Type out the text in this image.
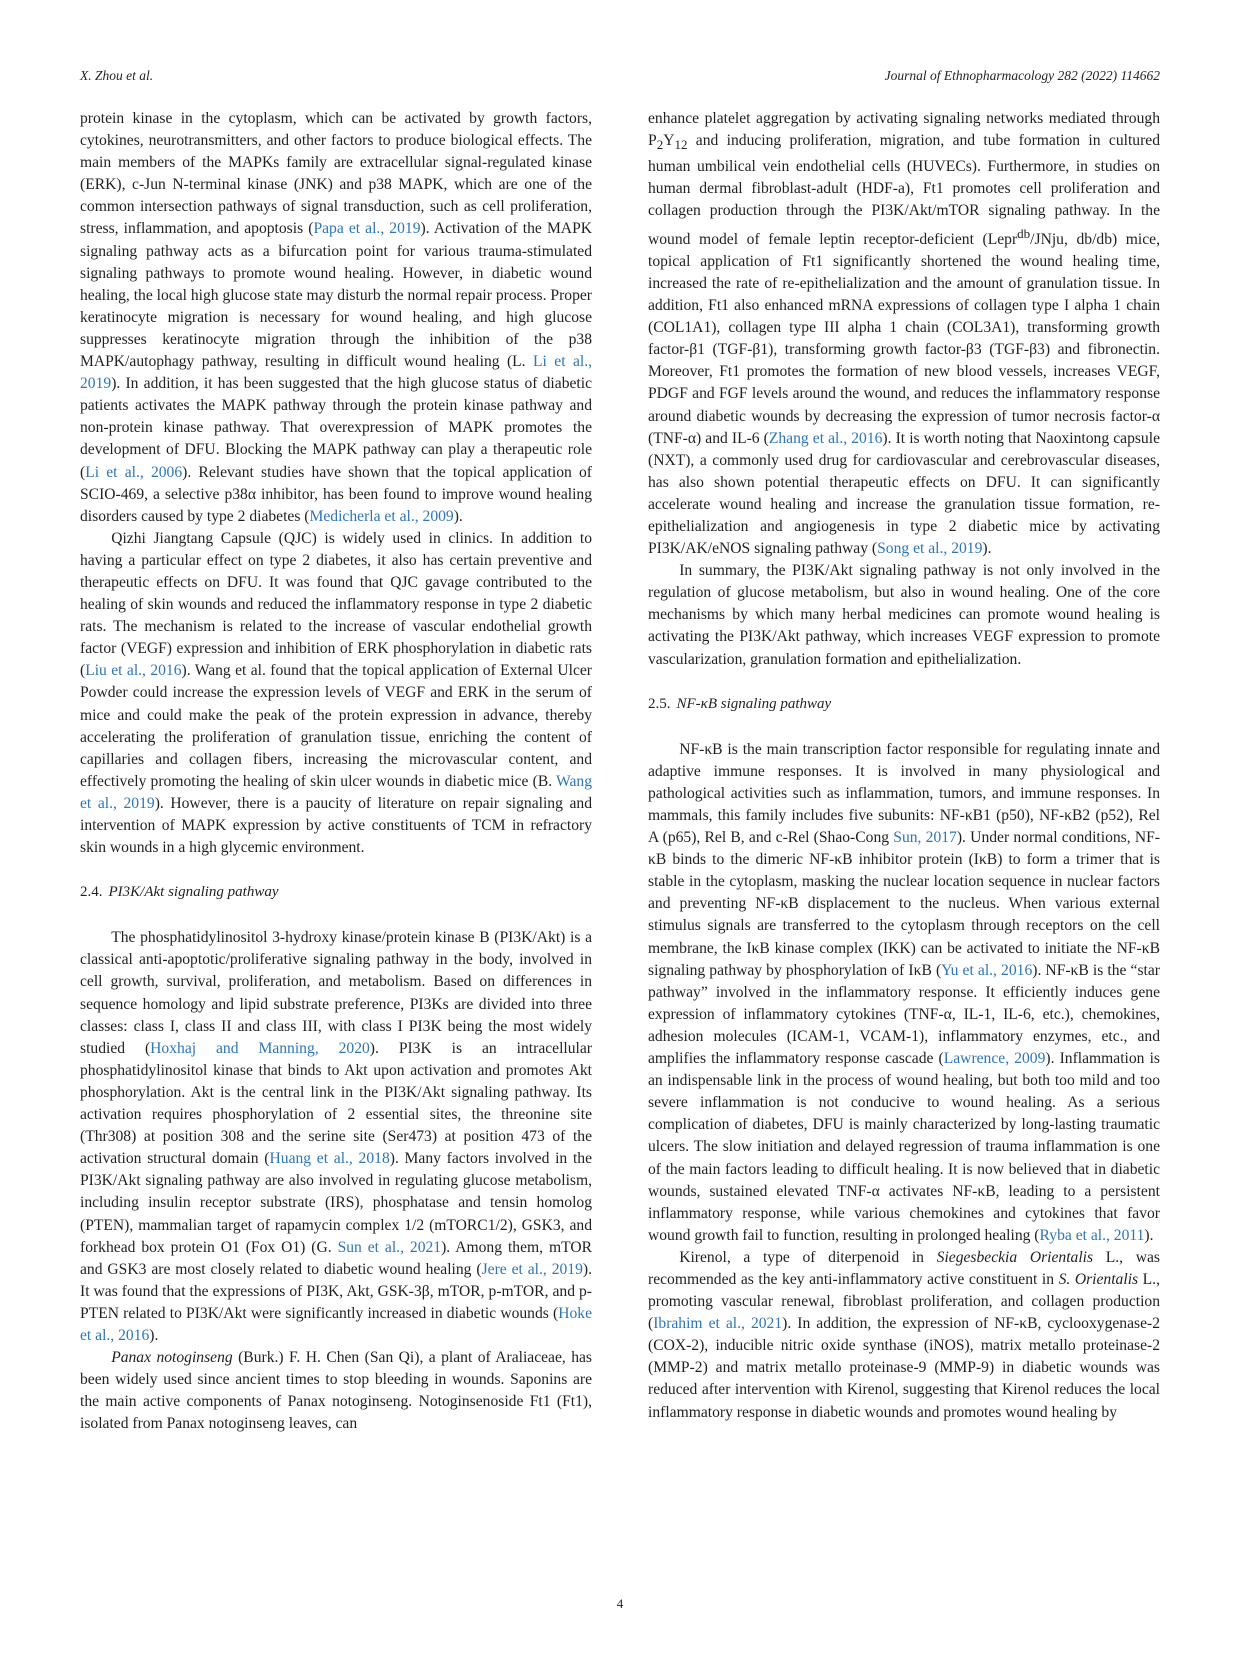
X. Zhou et al.	Journal of Ethnopharmacology 282 (2022) 114662

protein kinase in the cytoplasm, which can be activated by growth factors, cytokines, neurotransmitters, and other factors to produce biological effects. The main members of the MAPKs family are extracellular signal-regulated kinase (ERK), c-Jun N-terminal kinase (JNK) and p38 MAPK, which are one of the common intersection pathways of signal transduction, such as cell proliferation, stress, inflammation, and apoptosis (Papa et al., 2019). Activation of the MAPK signaling pathway acts as a bifurcation point for various trauma-stimulated signaling pathways to promote wound healing. However, in diabetic wound healing, the local high glucose state may disturb the normal repair process. Proper keratinocyte migration is necessary for wound healing, and high glucose suppresses keratinocyte migration through the inhibition of the p38 MAPK/autophagy pathway, resulting in difficult wound healing (L. Li et al., 2019). In addition, it has been suggested that the high glucose status of diabetic patients activates the MAPK pathway through the protein kinase pathway and non-protein kinase pathway. That overexpression of MAPK promotes the development of DFU. Blocking the MAPK pathway can play a therapeutic role (Li et al., 2006). Relevant studies have shown that the topical application of SCIO-469, a selective p38α inhibitor, has been found to improve wound healing disorders caused by type 2 diabetes (Medicherla et al., 2009).

Qizhi Jiangtang Capsule (QJC) is widely used in clinics. In addition to having a particular effect on type 2 diabetes, it also has certain preventive and therapeutic effects on DFU. It was found that QJC gavage contributed to the healing of skin wounds and reduced the inflammatory response in type 2 diabetic rats. The mechanism is related to the increase of vascular endothelial growth factor (VEGF) expression and inhibition of ERK phosphorylation in diabetic rats (Liu et al., 2016). Wang et al. found that the topical application of External Ulcer Powder could increase the expression levels of VEGF and ERK in the serum of mice and could make the peak of the protein expression in advance, thereby accelerating the proliferation of granulation tissue, enriching the content of capillaries and collagen fibers, increasing the microvascular content, and effectively promoting the healing of skin ulcer wounds in diabetic mice (B. Wang et al., 2019). However, there is a paucity of literature on repair signaling and intervention of MAPK expression by active constituents of TCM in refractory skin wounds in a high glycemic environment.

2.4. PI3K/Akt signaling pathway

The phosphatidylinositol 3-hydroxy kinase/protein kinase B (PI3K/Akt) is a classical anti-apoptotic/proliferative signaling pathway in the body, involved in cell growth, survival, proliferation, and metabolism. Based on differences in sequence homology and lipid substrate preference, PI3Ks are divided into three classes: class I, class II and class III, with class I PI3K being the most widely studied (Hoxhaj and Manning, 2020). PI3K is an intracellular phosphatidylinositol kinase that binds to Akt upon activation and promotes Akt phosphorylation. Akt is the central link in the PI3K/Akt signaling pathway. Its activation requires phosphorylation of 2 essential sites, the threonine site (Thr308) at position 308 and the serine site (Ser473) at position 473 of the activation structural domain (Huang et al., 2018). Many factors involved in the PI3K/Akt signaling pathway are also involved in regulating glucose metabolism, including insulin receptor substrate (IRS), phosphatase and tensin homolog (PTEN), mammalian target of rapamycin complex 1/2 (mTORC1/2), GSK3, and forkhead box protein O1 (Fox O1) (G. Sun et al., 2021). Among them, mTOR and GSK3 are most closely related to diabetic wound healing (Jere et al., 2019). It was found that the expressions of PI3K, Akt, GSK-3β, mTOR, p-mTOR, and p-PTEN related to PI3K/Akt were significantly increased in diabetic wounds (Hoke et al., 2016).

Panax notoginseng (Burk.) F. H. Chen (San Qi), a plant of Araliaceae, has been widely used since ancient times to stop bleeding in wounds. Saponins are the main active components of Panax notoginseng. Notoginsenoside Ft1 (Ft1), isolated from Panax notoginseng leaves, can

enhance platelet aggregation by activating signaling networks mediated through $P_2Y_{12}$ and inducing proliferation, migration, and tube formation in cultured human umbilical vein endothelial cells (HUVECs). Furthermore, in studies on human dermal fibroblast-adult (HDF-a), Ft1 promotes cell proliferation and collagen production through the PI3K/Akt/mTOR signaling pathway. In the wound model of female leptin receptor-deficient (Lepr$^{db}$/JNju, db/db) mice, topical application of Ft1 significantly shortened the wound healing time, increased the rate of re-epithelialization and the amount of granulation tissue. In addition, Ft1 also enhanced mRNA expressions of collagen type I alpha 1 chain (COL1A1), collagen type III alpha 1 chain (COL3A1), transforming growth factor-β1 (TGF-β1), transforming growth factor-β3 (TGF-β3) and fibronectin. Moreover, Ft1 promotes the formation of new blood vessels, increases VEGF, PDGF and FGF levels around the wound, and reduces the inflammatory response around diabetic wounds by decreasing the expression of tumor necrosis factor-α (TNF-α) and IL-6 (Zhang et al., 2016). It is worth noting that Naoxintong capsule (NXT), a commonly used drug for cardiovascular and cerebrovascular diseases, has also shown potential therapeutic effects on DFU. It can significantly accelerate wound healing and increase the granulation tissue formation, re-epithelialization and angiogenesis in type 2 diabetic mice by activating PI3K/AK/eNOS signaling pathway (Song et al., 2019).

In summary, the PI3K/Akt signaling pathway is not only involved in the regulation of glucose metabolism, but also in wound healing. One of the core mechanisms by which many herbal medicines can promote wound healing is activating the PI3K/Akt pathway, which increases VEGF expression to promote vascularization, granulation formation and epithelialization.

2.5. NF-κB signaling pathway

NF-κB is the main transcription factor responsible for regulating innate and adaptive immune responses. It is involved in many physiological and pathological activities such as inflammation, tumors, and immune responses. In mammals, this family includes five subunits: NF-κB1 (p50), NF-κB2 (p52), Rel A (p65), Rel B, and c-Rel (Shao-Cong Sun, 2017). Under normal conditions, NF-κB binds to the dimeric NF-κB inhibitor protein (IκB) to form a trimer that is stable in the cytoplasm, masking the nuclear location sequence in nuclear factors and preventing NF-κB displacement to the nucleus. When various external stimulus signals are transferred to the cytoplasm through receptors on the cell membrane, the IκB kinase complex (IKK) can be activated to initiate the NF-κB signaling pathway by phosphorylation of IκB (Yu et al., 2016). NF-κB is the “star pathway” involved in the inflammatory response. It efficiently induces gene expression of inflammatory cytokines (TNF-α, IL-1, IL-6, etc.), chemokines, adhesion molecules (ICAM-1, VCAM-1), inflammatory enzymes, etc., and amplifies the inflammatory response cascade (Lawrence, 2009). Inflammation is an indispensable link in the process of wound healing, but both too mild and too severe inflammation is not conducive to wound healing. As a serious complication of diabetes, DFU is mainly characterized by long-lasting traumatic ulcers. The slow initiation and delayed regression of trauma inflammation is one of the main factors leading to difficult healing. It is now believed that in diabetic wounds, sustained elevated TNF-α activates NF-κB, leading to a persistent inflammatory response, while various chemokines and cytokines that favor wound growth fail to function, resulting in prolonged healing (Ryba et al., 2011).

Kirenol, a type of diterpenoid in Siegesbeckia Orientalis L., was recommended as the key anti-inflammatory active constituent in S. Orientalis L., promoting vascular renewal, fibroblast proliferation, and collagen production (Ibrahim et al., 2021). In addition, the expression of NF-κB, cyclooxygenase-2 (COX-2), inducible nitric oxide synthase (iNOS), matrix metallo proteinase-2 (MMP-2) and matrix metallo proteinase-9 (MMP-9) in diabetic wounds was reduced after intervention with Kirenol, suggesting that Kirenol reduces the local inflammatory response in diabetic wounds and promotes wound healing by

4
